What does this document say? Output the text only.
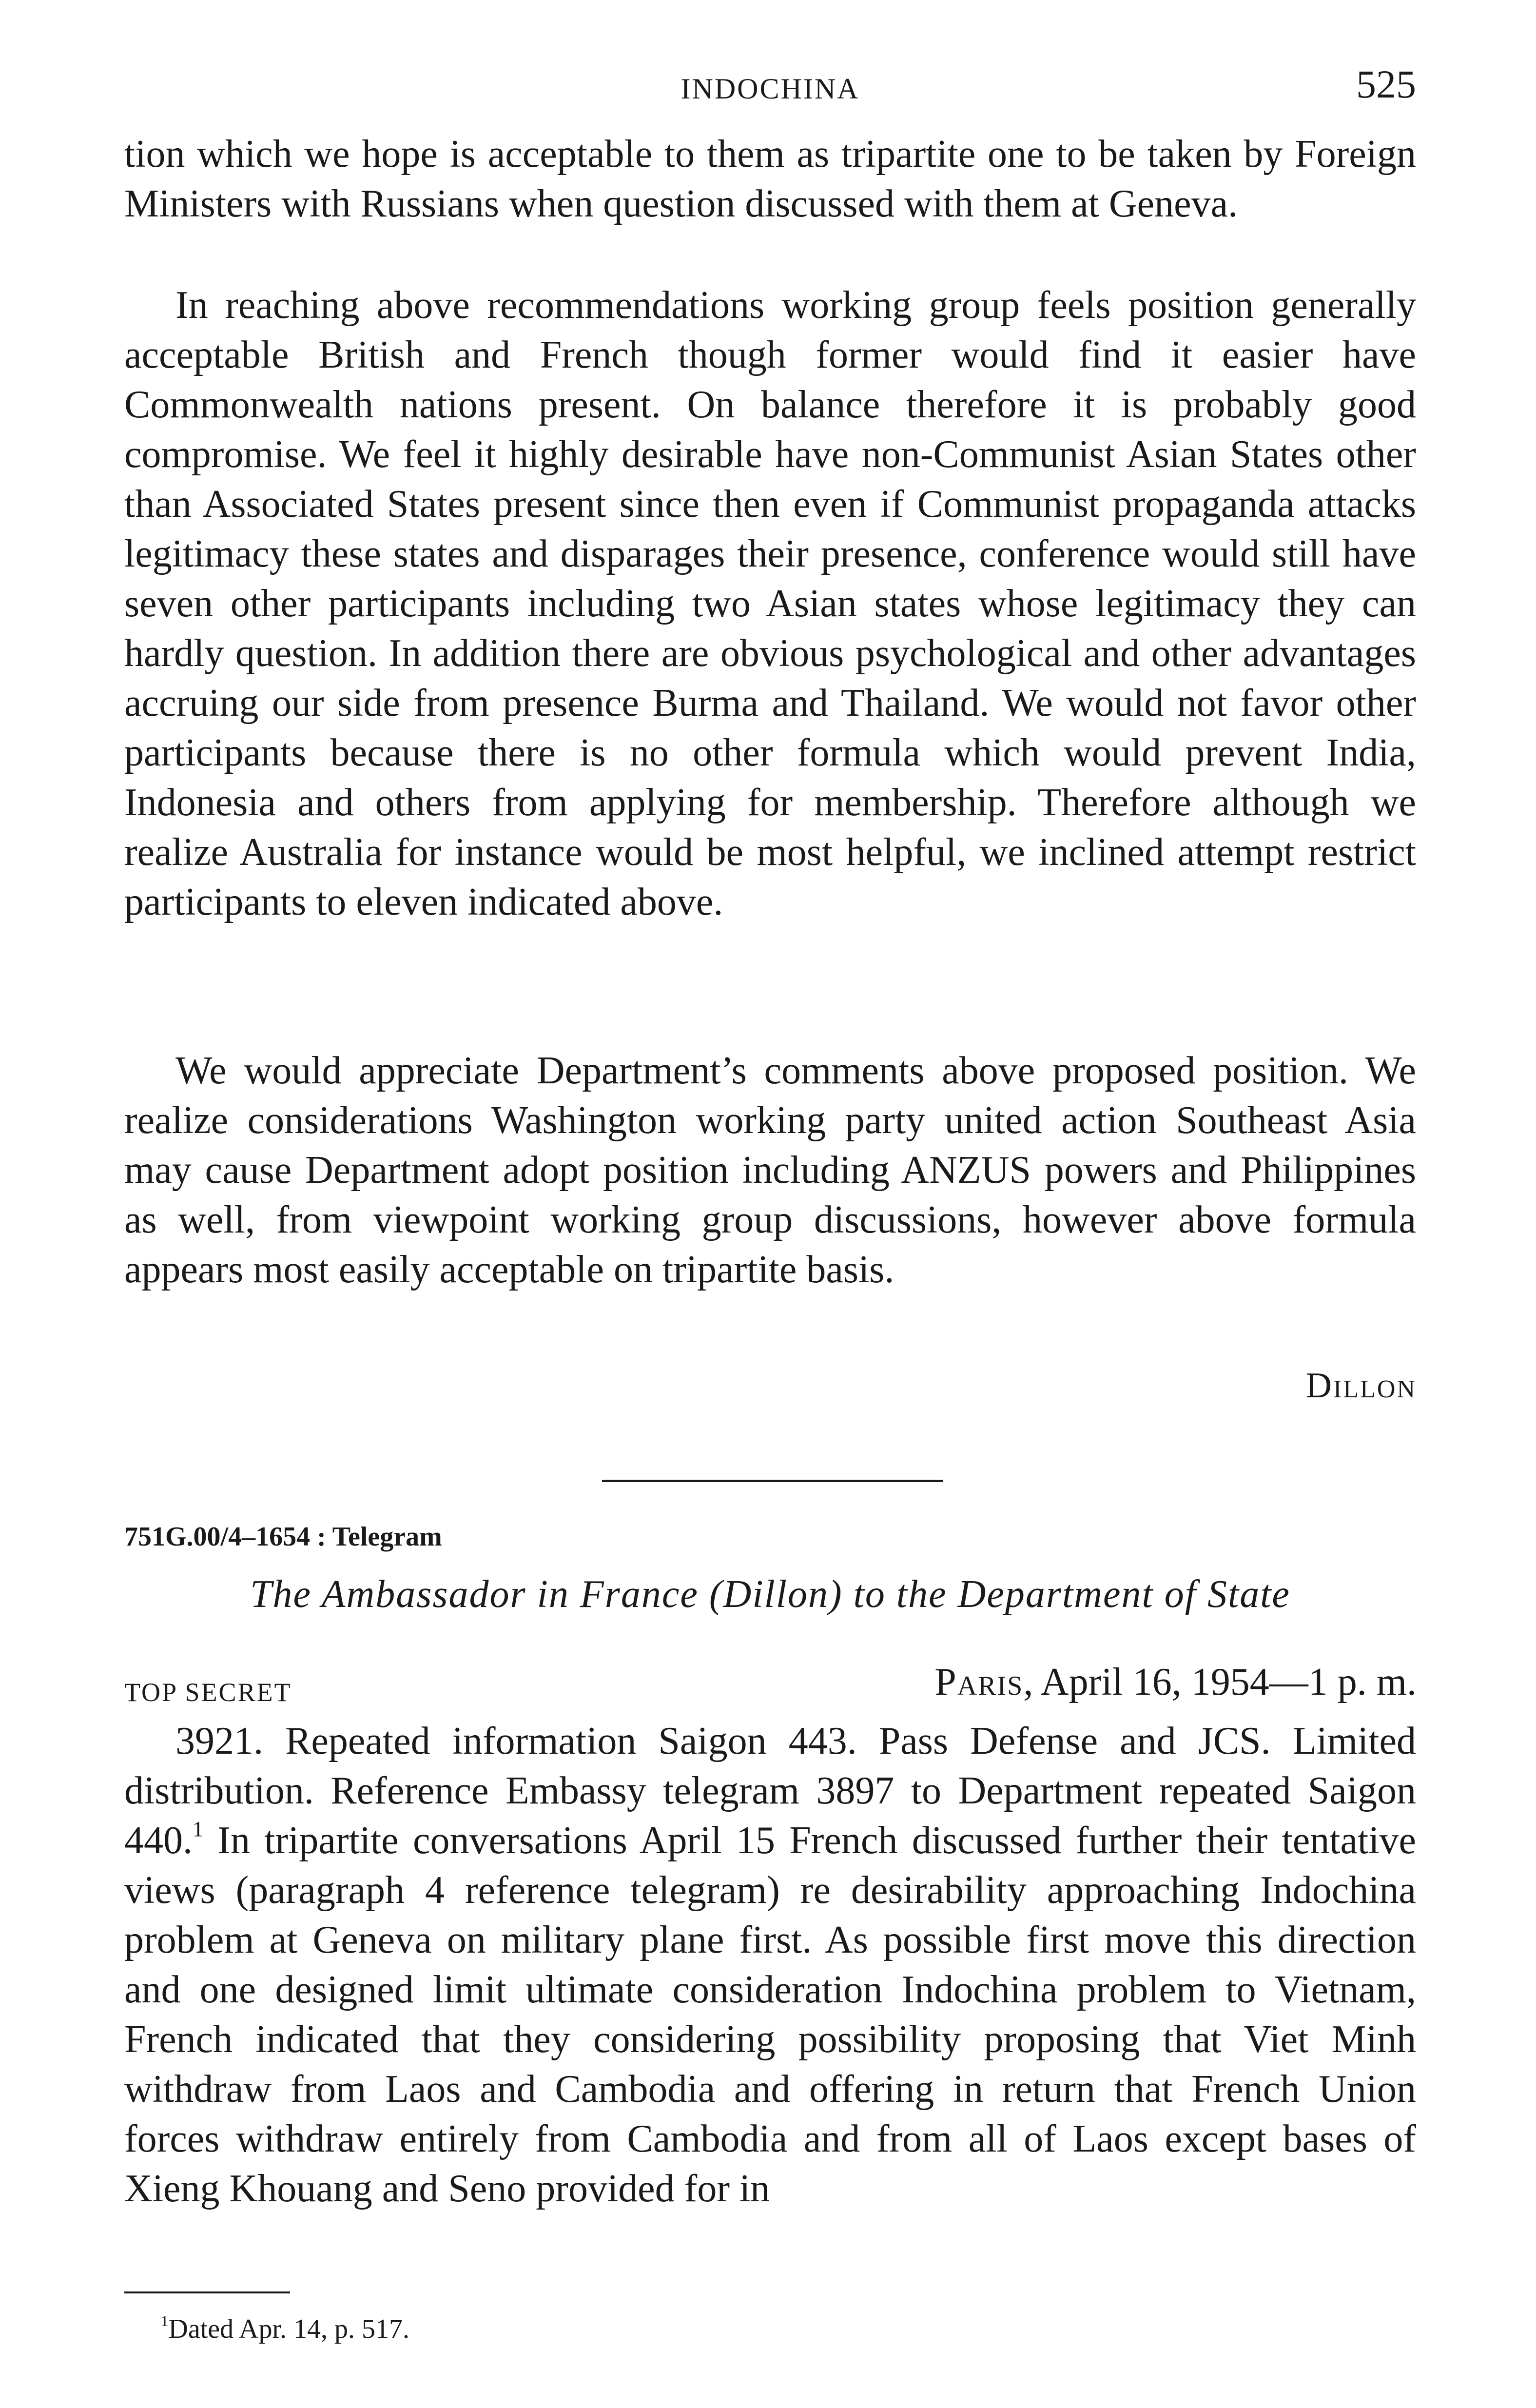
INDOCHINA	525

tion which we hope is acceptable to them as tripartite one to be taken by Foreign Ministers with Russians when question discussed with them at Geneva.

In reaching above recommendations working group feels position generally acceptable British and French though former would find it easier have Commonwealth nations present. On balance therefore it is probably good compromise. We feel it highly desirable have non-Communist Asian States other than Associated States present since then even if Communist propaganda attacks legitimacy these states and disparages their presence, conference would still have seven other participants including two Asian states whose legitimacy they can hardly question. In addition there are obvious psychological and other advantages accruing our side from presence Burma and Thailand. We would not favor other participants because there is no other formula which would prevent India, Indonesia and others from applying for membership. Therefore although we realize Australia for instance would be most helpful, we inclined attempt restrict participants to eleven indicated above.

We would appreciate Department’s comments above proposed position. We realize considerations Washington working party united action Southeast Asia may cause Department adopt position including ANZUS powers and Philippines as well, from viewpoint working group discussions, however above formula appears most easily acceptable on tripartite basis.

Dillon
751G.00/4–1654 : Telegram
The Ambassador in France (Dillon) to the Department of State
TOP SECRET	Paris, April 16, 1954—1 p. m.

3921. Repeated information Saigon 443. Pass Defense and JCS. Limited distribution. Reference Embassy telegram 3897 to Department repeated Saigon 440.$^1$ In tripartite conversations April 15 French discussed further their tentative views (paragraph 4 reference telegram) re desirability approaching Indochina problem at Geneva on military plane first. As possible first move this direction and one designed limit ultimate consideration Indochina problem to Vietnam, French indicated that they considering possibility proposing that Viet Minh withdraw from Laos and Cambodia and offering in return that French Union forces withdraw entirely from Cambodia and from all of Laos except bases of Xieng Khouang and Seno provided for in

$^1$Dated Apr. 14, p. 517.
